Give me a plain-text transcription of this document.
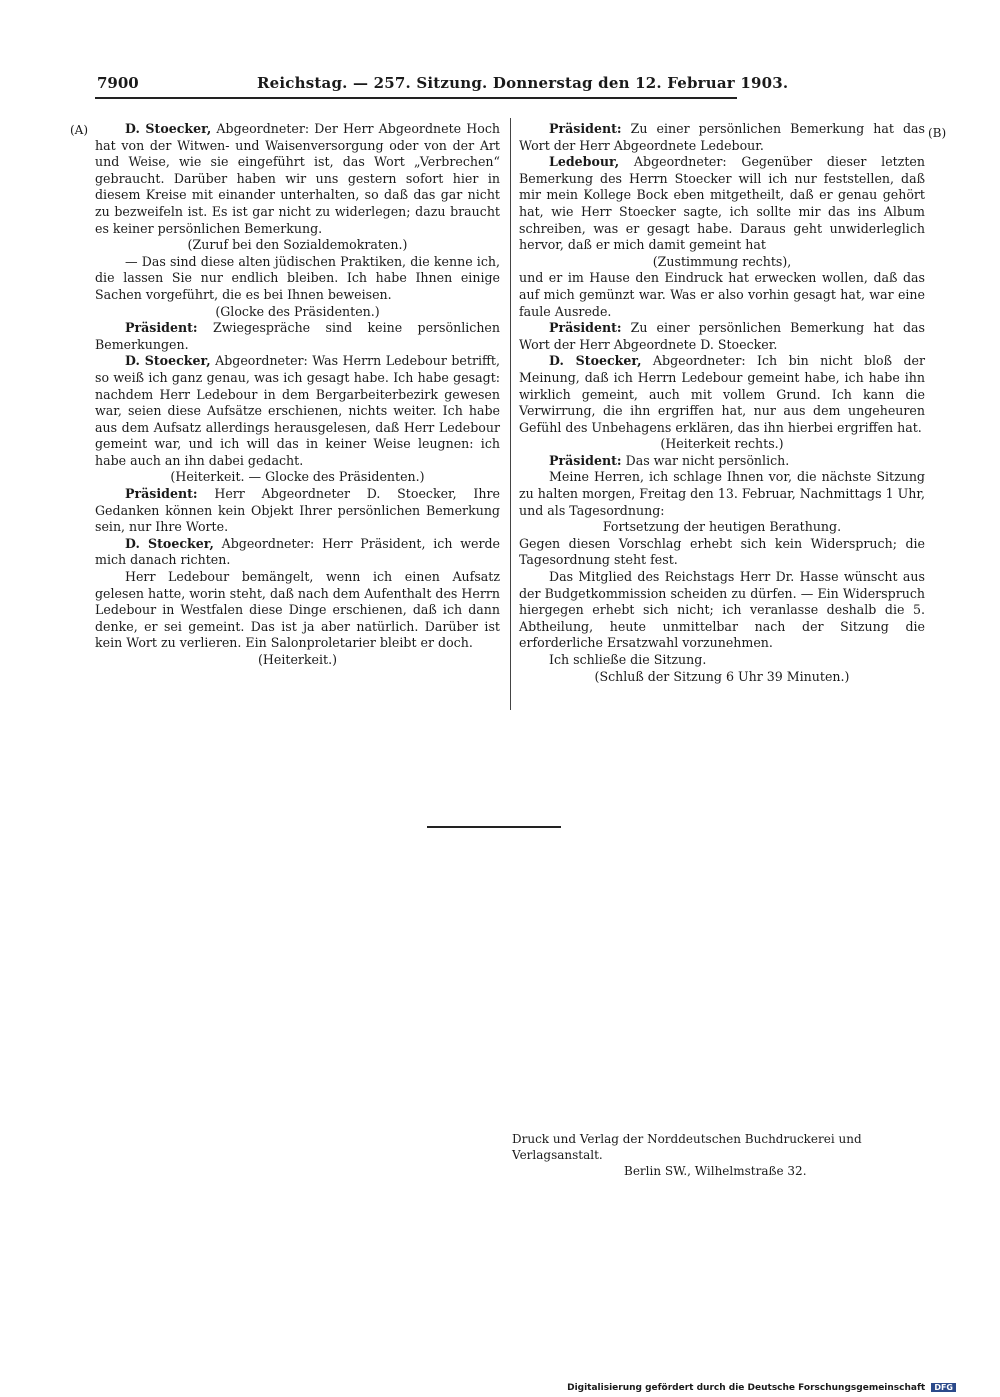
7900	Reichstag. — 257. Sitzung. Donnerstag den 12. Februar 1903.
(A)	(B)

D. Stoecker, Abgeordneter: Der Herr Abgeordnete Hoch hat von der Witwen- und Waisenversorgung oder von der Art und Weise, wie sie eingeführt ist, das Wort „Verbrechen“ gebraucht. Darüber haben wir uns gestern sofort hier in diesem Kreise mit einander unterhalten, so daß das gar nicht zu bezweifeln ist. Es ist gar nicht zu widerlegen; dazu braucht es keiner persönlichen Bemerkung.

(Zuruf bei den Sozialdemokraten.)

— Das sind diese alten jüdischen Praktiken, die kenne ich, die lassen Sie nur endlich bleiben. Ich habe Ihnen einige Sachen vorgeführt, die es bei Ihnen beweisen.

(Glocke des Präsidenten.)

Präsident: Zwiegespräche sind keine persönlichen Bemerkungen.

D. Stoecker, Abgeordneter: Was Herrn Ledebour betrifft, so weiß ich ganz genau, was ich gesagt habe. Ich habe gesagt: nachdem Herr Ledebour in dem Bergarbeiterbezirk gewesen war, seien diese Aufsätze erschienen, nichts weiter. Ich habe aus dem Aufsatz allerdings herausgelesen, daß Herr Ledebour gemeint war, und ich will das in keiner Weise leugnen: ich habe auch an ihn dabei gedacht.

(Heiterkeit. — Glocke des Präsidenten.)

Präsident: Herr Abgeordneter D. Stoecker, Ihre Gedanken können kein Objekt Ihrer persönlichen Bemerkung sein, nur Ihre Worte.

D. Stoecker, Abgeordneter: Herr Präsident, ich werde mich danach richten.

Herr Ledebour bemängelt, wenn ich einen Aufsatz gelesen hatte, worin steht, daß nach dem Aufenthalt des Herrn Ledebour in Westfalen diese Dinge erschienen, daß ich dann denke, er sei gemeint. Das ist ja aber natürlich. Darüber ist kein Wort zu verlieren. Ein Salonproletarier bleibt er doch.

(Heiterkeit.)

Präsident: Zu einer persönlichen Bemerkung hat das Wort der Herr Abgeordnete Ledebour.

Ledebour, Abgeordneter: Gegenüber dieser letzten Bemerkung des Herrn Stoecker will ich nur feststellen, daß mir mein Kollege Bock eben mitgetheilt, daß er genau gehört hat, wie Herr Stoecker sagte, ich sollte mir das ins Album schreiben, was er gesagt habe. Daraus geht unwiderleglich hervor, daß er mich damit gemeint hat

(Zustimmung rechts),

und er im Hause den Eindruck hat erwecken wollen, daß das auf mich gemünzt war. Was er also vorhin gesagt hat, war eine faule Ausrede.

Präsident: Zu einer persönlichen Bemerkung hat das Wort der Herr Abgeordnete D. Stoecker.

D. Stoecker, Abgeordneter: Ich bin nicht bloß der Meinung, daß ich Herrn Ledebour gemeint habe, ich habe ihn wirklich gemeint, auch mit vollem Grund. Ich kann die Verwirrung, die ihn ergriffen hat, nur aus dem ungeheuren Gefühl des Unbehagens erklären, das ihn hierbei ergriffen hat.

(Heiterkeit rechts.)

Präsident: Das war nicht persönlich.

Meine Herren, ich schlage Ihnen vor, die nächste Sitzung zu halten morgen, Freitag den 13. Februar, Nachmittags 1 Uhr, und als Tagesordnung:

Fortsetzung der heutigen Berathung.

Gegen diesen Vorschlag erhebt sich kein Widerspruch; die Tagesordnung steht fest.

Das Mitglied des Reichstags Herr Dr. Hasse wünscht aus der Budgetkommission scheiden zu dürfen. — Ein Widerspruch hiergegen erhebt sich nicht; ich veranlasse deshalb die 5. Abtheilung, heute unmittelbar nach der Sitzung die erforderliche Ersatzwahl vorzunehmen.

Ich schließe die Sitzung.

(Schluß der Sitzung 6 Uhr 39 Minuten.)

Druck und Verlag der Norddeutschen Buchdruckerei und Verlagsanstalt.
Berlin SW., Wilhelmstraße 32.
Digitalisierung gefördert durch die Deutsche Forschungsgemeinschaft DFG
